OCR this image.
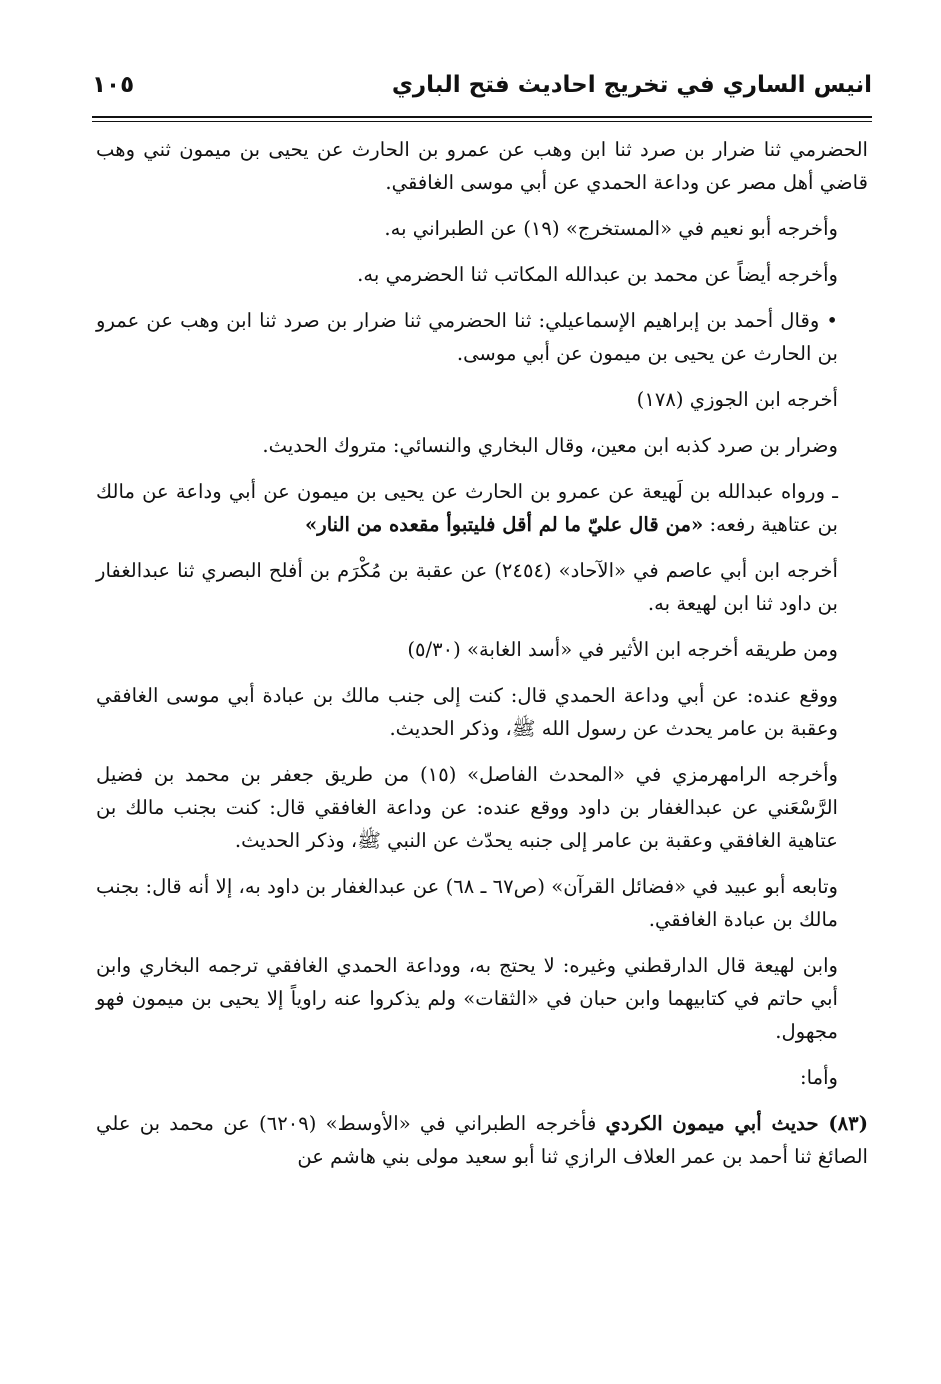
انيس الساري في تخريج احاديث فتح الباري
١٠٥

الحضرمي ثنا ضرار بن صرد ثنا ابن وهب عن عمرو بن الحارث عن يحيى بن ميمون ثني وهب قاضي أهل مصر عن وداعة الحمدي عن أبي موسى الغافقي.

وأخرجه أبو نعيم في «المستخرج» (١٩) عن الطبراني به.

وأخرجه أيضاً عن محمد بن عبدالله المكاتب ثنا الحضرمي به.

• وقال أحمد بن إبراهيم الإسماعيلي: ثنا الحضرمي ثنا ضرار بن صرد ثنا ابن وهب عن عمرو بن الحارث عن يحيى بن ميمون عن أبي موسى.

أخرجه ابن الجوزي (١٧٨)

وضرار بن صرد كذبه ابن معين، وقال البخاري والنسائي: متروك الحديث.

ـ ورواه عبدالله بن لَهيعة عن عمرو بن الحارث عن يحيى بن ميمون عن أبي وداعة عن مالك بن عتاهية رفعه: «من قال عليّ ما لم أقل فليتبوأ مقعده من النار»

أخرجه ابن أبي عاصم في «الآحاد» (٢٤٥٤) عن عقبة بن مُكْرَم بن أفلح البصري ثنا عبدالغفار بن داود ثنا ابن لهيعة به.

ومن طريقه أخرجه ابن الأثير في «أسد الغابة» (٥/٣٠)

ووقع عنده: عن أبي وداعة الحمدي قال: كنت إلى جنب مالك بن عبادة أبي موسى الغافقي وعقبة بن عامر يحدث عن رسول الله ﷺ، وذكر الحديث.

وأخرجه الرامهرمزي في «المحدث الفاصل» (١٥) من طريق جعفر بن محمد بن فضيل الرَّسْعَني عن عبدالغفار بن داود ووقع عنده: عن وداعة الغافقي قال: كنت بجنب مالك بن عتاهية الغافقي وعقبة بن عامر إلى جنبه يحدّث عن النبي ﷺ، وذكر الحديث.

وتابعه أبو عبيد في «فضائل القرآن» (ص٦٧ ـ ٦٨) عن عبدالغفار بن داود به، إلا أنه قال: بجنب مالك بن عبادة الغافقي.

وابن لهيعة قال الدارقطني وغيره: لا يحتج به، ووداعة الحمدي الغافقي ترجمه البخاري وابن أبي حاتم في كتابيهما وابن حبان في «الثقات» ولم يذكروا عنه راوياً إلا يحيى بن ميمون فهو مجهول.

وأما:

(٨٣) حديث أبي ميمون الكردي فأخرجه الطبراني في «الأوسط» (٦٢٠٩) عن محمد بن علي الصائغ ثنا أحمد بن عمر العلاف الرازي ثنا أبو سعيد مولى بني هاشم عن
